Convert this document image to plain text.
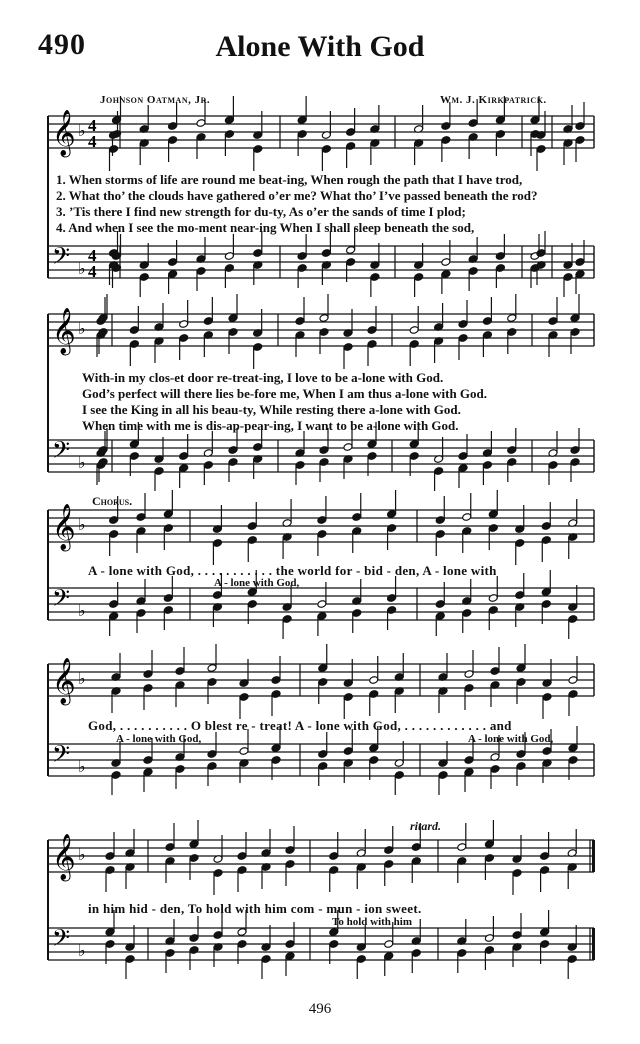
𝄞
𝄢
♭
♭
4
4
4
4
𝄞
𝄢
♭
♭
𝄞
𝄢
♭
♭
𝄞
𝄢
♭
♭
𝄞
𝄢
♭
♭
490	Alone With God
Johnson Oatman, Jr.	Wm. J. Kirkpatrick.
1. When storms of life are round me beat-ing, When rough the path that I have trod,
2. What tho’ the clouds have gathered o’er me? What tho’ I’ve passed beneath the rod?
3. ’Tis there I find new strength for du-ty, As o’er the sands of time I plod;
4. And when I see the mo-ment near-ing When I shall sleep beneath the sod,
With-in my clos-et door re-treat-ing, I love to be a-lone with God.
God’s perfect will there lies be-fore me, When I am thus a-lone with God.
I see the King in all his beau-ty, While resting there a-lone with God.
When time with me is dis-ap-pear-ing, I want to be a-lone with God.
Chorus.
A - lone with God, . . . . . . . . . . . the world for - bid - den, A - lone with
A - lone with God,
God, . . . . . . . . . . O blest re - treat! A - lone with God, . . . . . . . . . . . . and
A - lone with God,	A - lone with God,
ritard.
in him hid - den, To hold with him com - mun - ion sweet.
To hold with him
496
